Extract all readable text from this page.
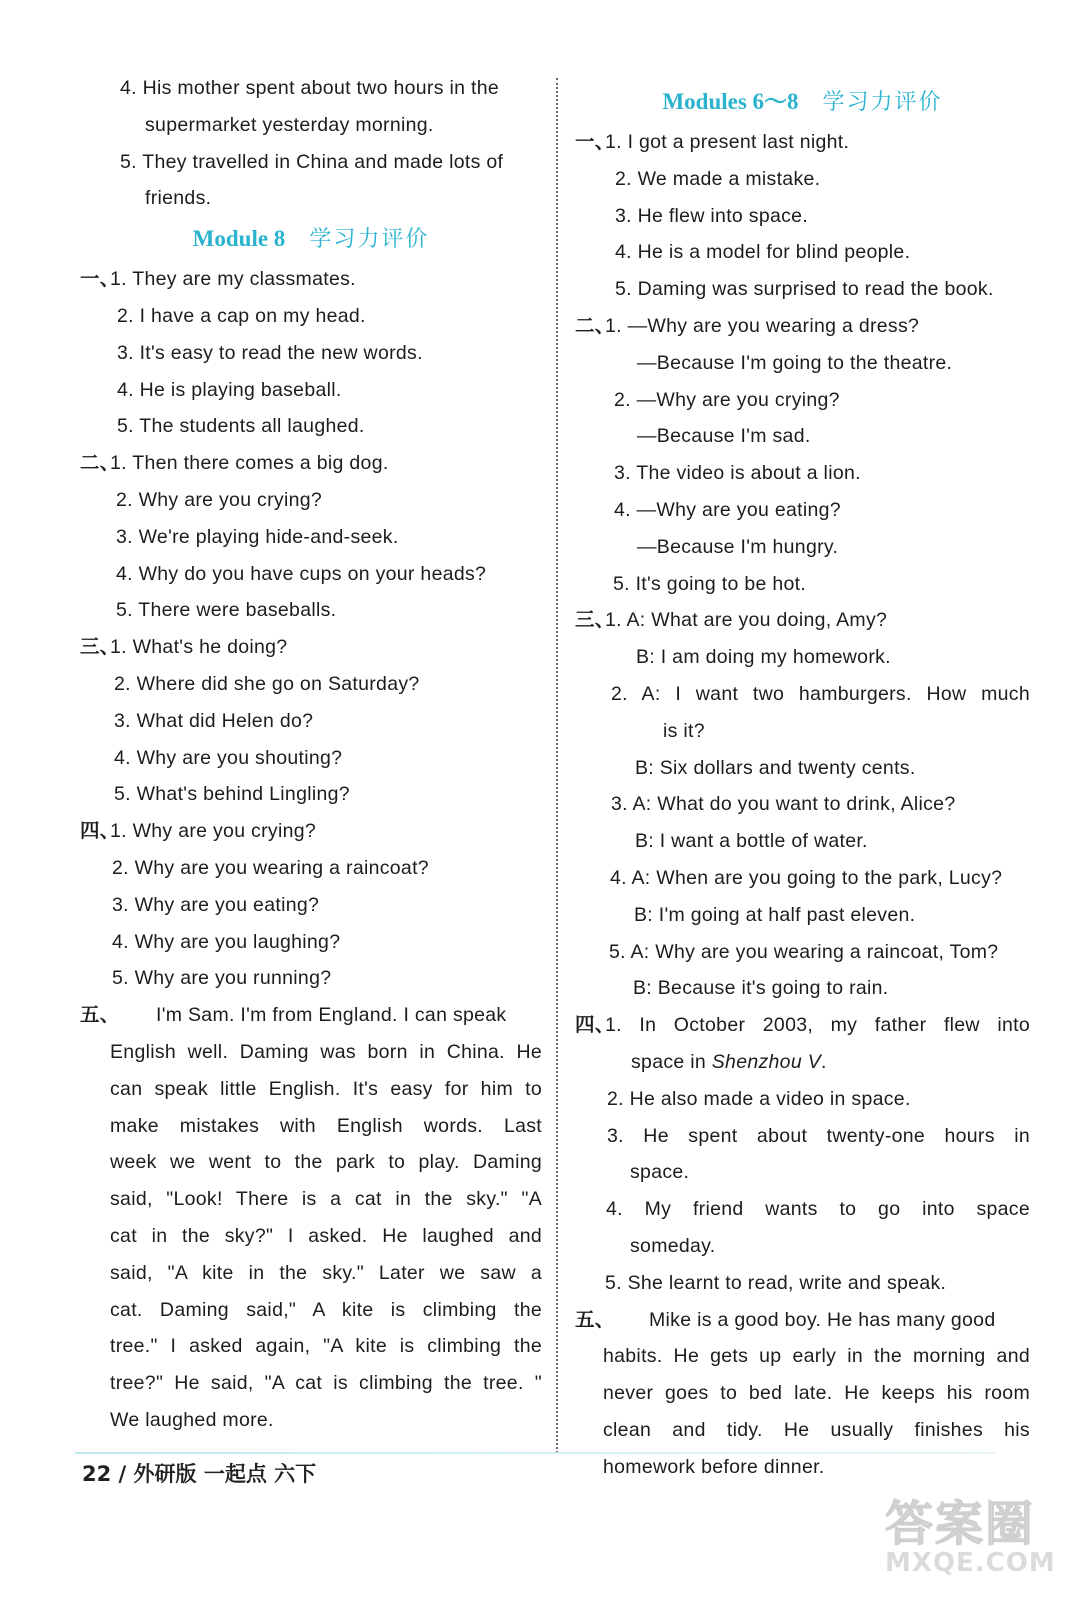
4. His mother spent about two hours in the
supermarket yesterday morning.
5. They travelled in China and made lots of
friends.
Module 8 学习力评价
一、1. They are my classmates.
2. I have a cap on my head.
3. It's easy to read the new words.
4. He is playing baseball.
5. The students all laughed.
二、1. Then there comes a big dog.
2. Why are you crying?
3. We're playing hide-and-seek.
4. Why do you have cups on your heads?
5. There were baseballs.
三、1. What's he doing?
2. Where did she go on Saturday?
3. What did Helen do?
4. Why are you shouting?
5. What's behind Lingling?
四、1. Why are you crying?
2. Why are you wearing a raincoat?
3. Why are you eating?
4. Why are you laughing?
5. Why are you running?
五、 I'm Sam. I'm from England. I can speak
English well. Daming was born in China. He
can speak little English. It's easy for him to
make mistakes with English words. Last
week we went to the park to play. Daming
said, "Look! There is a cat in the sky." "A
cat in the sky?" I asked. He laughed and
said, "A kite in the sky." Later we saw a
cat. Daming said," A kite is climbing the
tree." I asked again, "A kite is climbing the
tree?" He said, "A cat is climbing the tree. "
We laughed more.
Modules 6～8 学习力评价
一、1. I got a present last night.
2. We made a mistake.
3. He flew into space.
4. He is a model for blind people.
5. Daming was surprised to read the book.
二、1. —Why are you wearing a dress?
—Because I'm going to the theatre.
2. —Why are you crying?
—Because I'm sad.
3. The video is about a lion.
4. —Why are you eating?
—Because I'm hungry.
5. It's going to be hot.
三、1. A: What are you doing, Amy?
B: I am doing my homework.
2. A: I want two hamburgers. How much
is it?
B: Six dollars and twenty cents.
3. A: What do you want to drink, Alice?
B: I want a bottle of water.
4. A: When are you going to the park, Lucy?
B: I'm going at half past eleven.
5. A: Why are you wearing a raincoat, Tom?
B: Because it's going to rain.
四、1. In October 2003, my father flew into
space in Shenzhou V.
2. He also made a video in space.
3. He spent about twenty-one hours in
space.
4. My friend wants to go into space
someday.
5. She learnt to read, write and speak.
五、 Mike is a good boy. He has many good
habits. He gets up early in the morning and
never goes to bed late. He keeps his room
clean and tidy. He usually finishes his
homework before dinner.
22 / 外研版 一起点 六下
答案圈
MXQE.COM
